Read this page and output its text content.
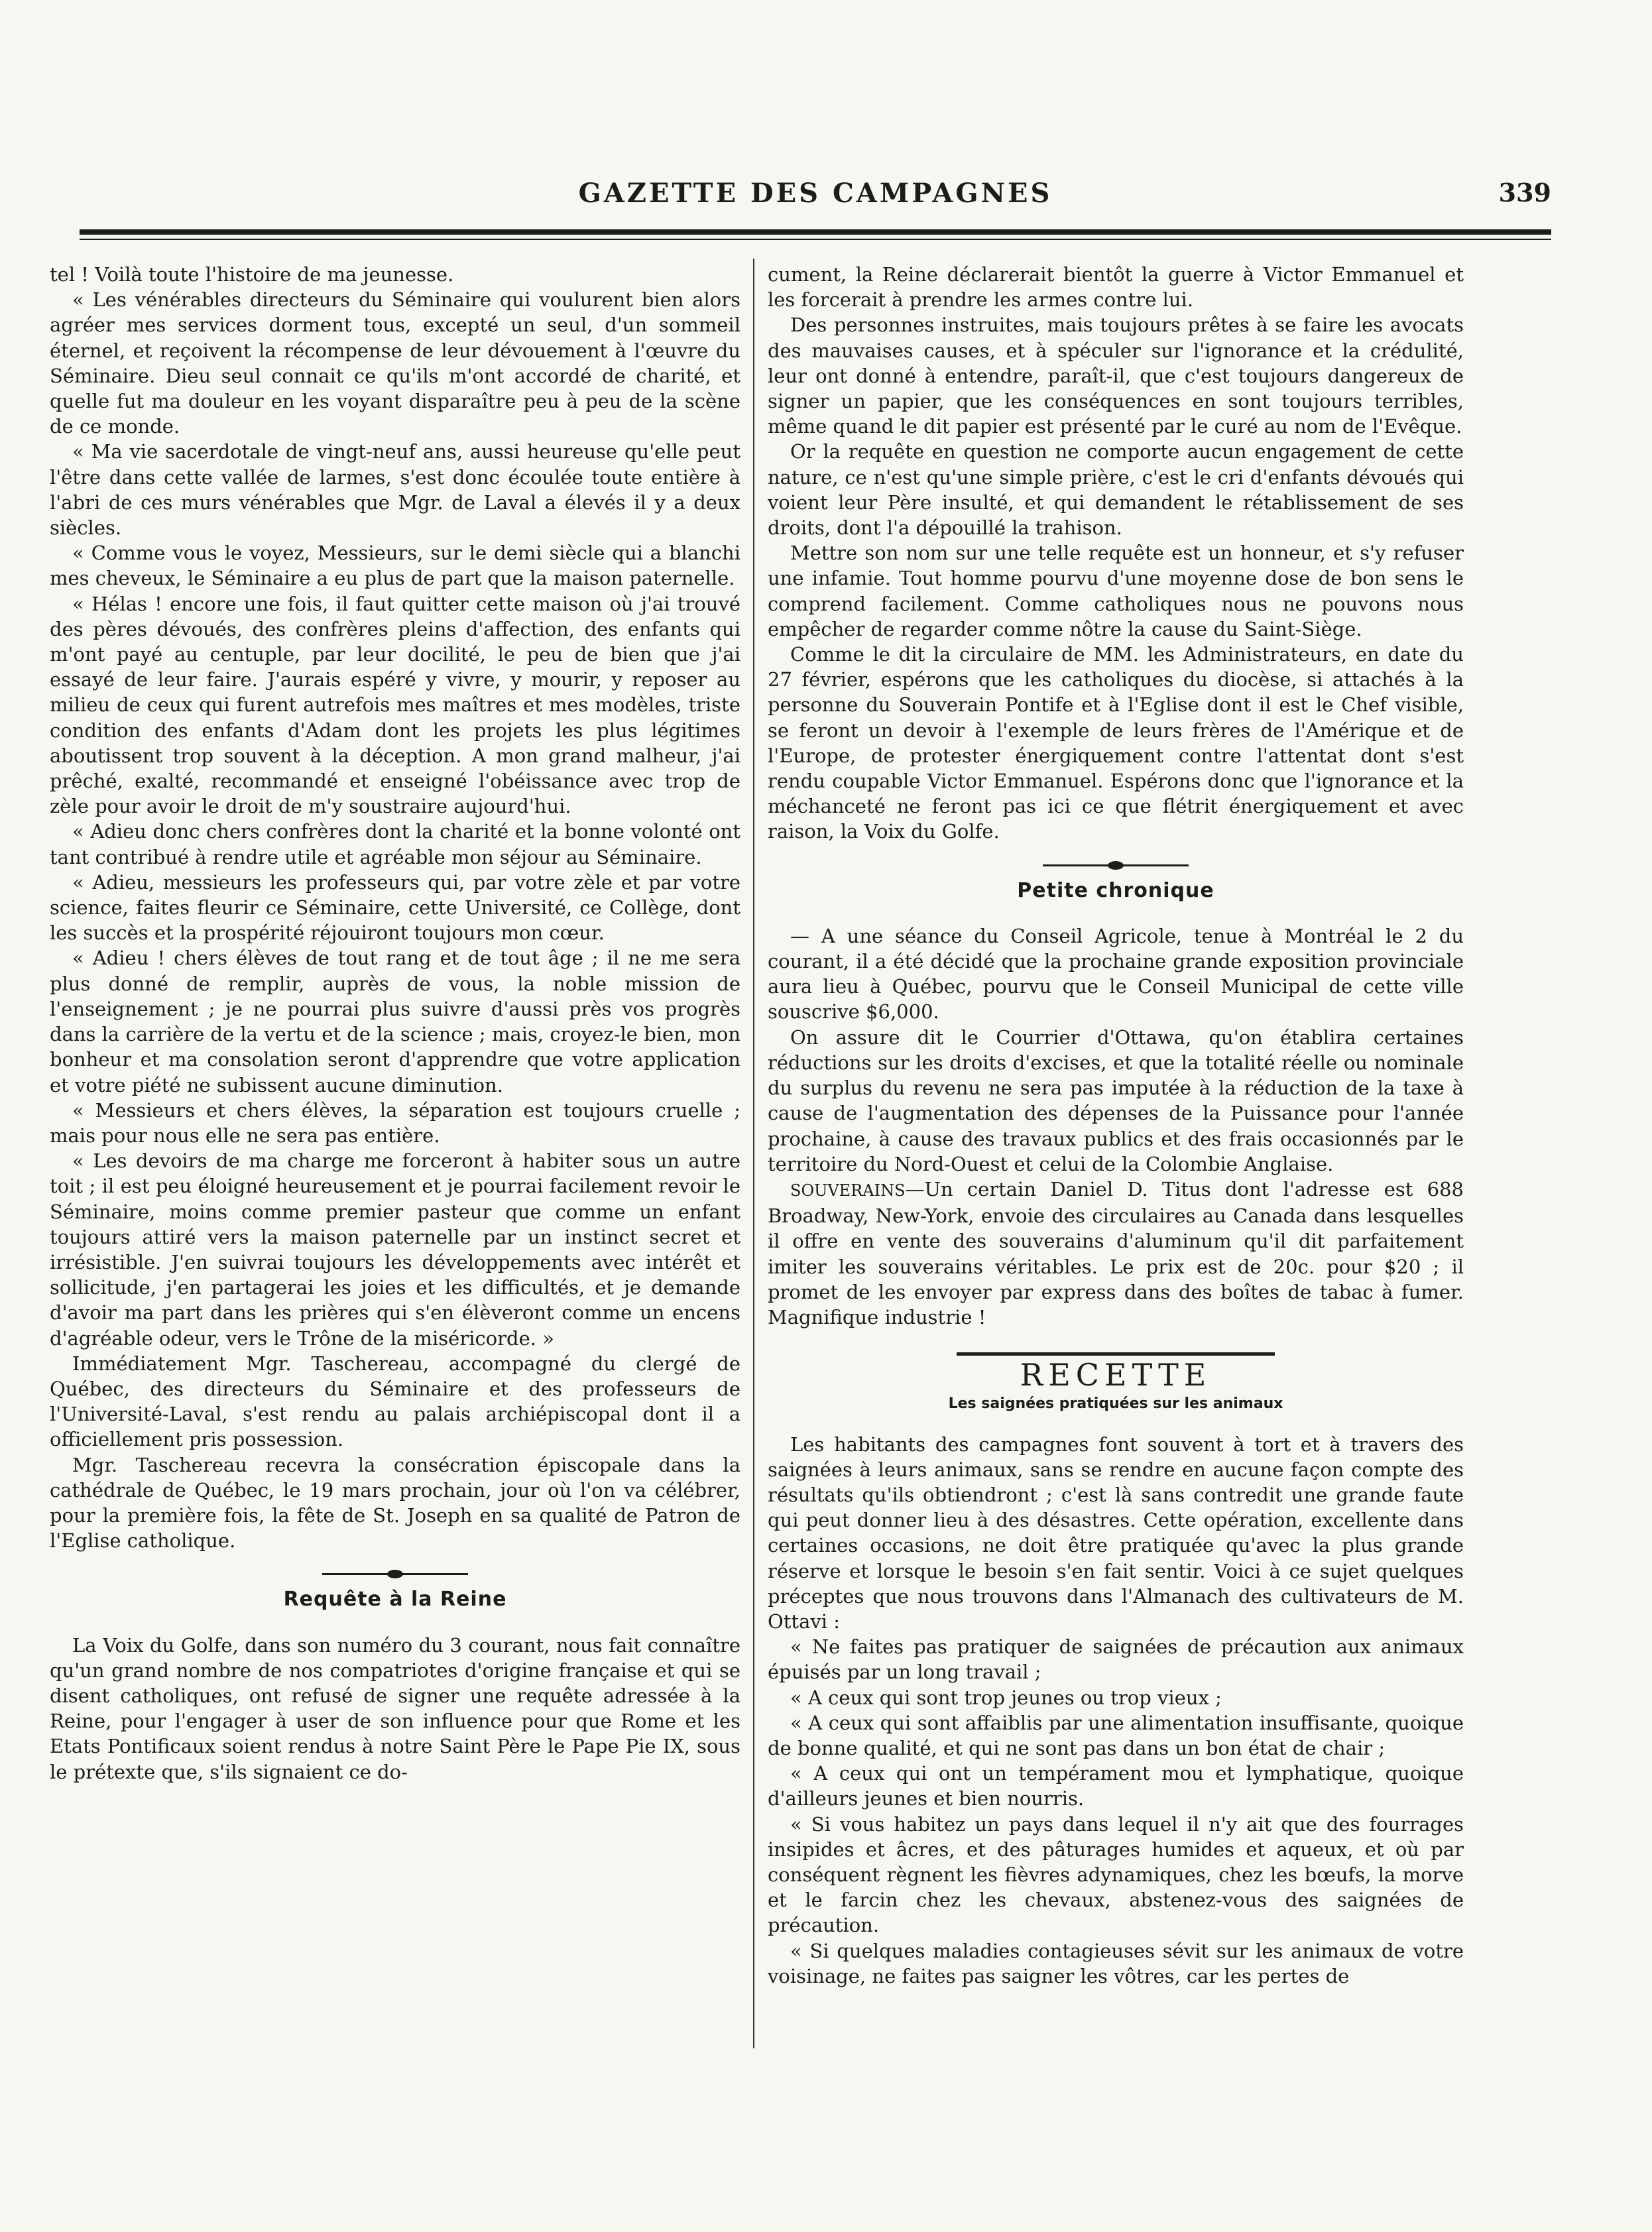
GAZETTE DES CAMPAGNES	339

tel ! Voilà toute l'histoire de ma jeunesse.

« Les vénérables directeurs du Séminaire qui voulurent bien alors agréer mes services dorment tous, excepté un seul, d'un sommeil éternel, et reçoivent la récompense de leur dévouement à l'œuvre du Séminaire. Dieu seul connait ce qu'ils m'ont accordé de charité, et quelle fut ma douleur en les voyant disparaître peu à peu de la scène de ce monde.

« Ma vie sacerdotale de vingt-neuf ans, aussi heureuse qu'elle peut l'être dans cette vallée de larmes, s'est donc écoulée toute entière à l'abri de ces murs vénérables que Mgr. de Laval a élevés il y a deux siècles.

« Comme vous le voyez, Messieurs, sur le demi siècle qui a blanchi mes cheveux, le Séminaire a eu plus de part que la maison paternelle.

« Hélas ! encore une fois, il faut quitter cette maison où j'ai trouvé des pères dévoués, des confrères pleins d'affection, des enfants qui m'ont payé au centuple, par leur docilité, le peu de bien que j'ai essayé de leur faire. J'aurais espéré y vivre, y mourir, y reposer au milieu de ceux qui furent autrefois mes maîtres et mes modèles, triste condition des enfants d'Adam dont les projets les plus légitimes aboutissent trop souvent à la déception. A mon grand malheur, j'ai prêché, exalté, recommandé et enseigné l'obéissance avec trop de zèle pour avoir le droit de m'y soustraire aujourd'hui.

« Adieu donc chers confrères dont la charité et la bonne volonté ont tant contribué à rendre utile et agréable mon séjour au Séminaire.

« Adieu, messieurs les professeurs qui, par votre zèle et par votre science, faites fleurir ce Séminaire, cette Université, ce Collège, dont les succès et la prospérité réjouiront toujours mon cœur.

« Adieu ! chers élèves de tout rang et de tout âge ; il ne me sera plus donné de remplir, auprès de vous, la noble mission de l'enseignement ; je ne pourrai plus suivre d'aussi près vos progrès dans la carrière de la vertu et de la science ; mais, croyez-le bien, mon bonheur et ma consolation seront d'apprendre que votre application et votre piété ne subissent aucune diminution.

« Messieurs et chers élèves, la séparation est toujours cruelle ; mais pour nous elle ne sera pas entière.

« Les devoirs de ma charge me forceront à habiter sous un autre toit ; il est peu éloigné heureusement et je pourrai facilement revoir le Séminaire, moins comme premier pasteur que comme un enfant toujours attiré vers la maison paternelle par un instinct secret et irrésistible. J'en suivrai toujours les développements avec intérêt et sollicitude, j'en partagerai les joies et les difficultés, et je demande d'avoir ma part dans les prières qui s'en élèveront comme un encens d'agréable odeur, vers le Trône de la miséricorde. »

Immédiatement Mgr. Taschereau, accompagné du clergé de Québec, des directeurs du Séminaire et des professeurs de l'Université-Laval, s'est rendu au palais archiépiscopal dont il a officiellement pris possession.

Mgr. Taschereau recevra la consécration épiscopale dans la cathédrale de Québec, le 19 mars prochain, jour où l'on va célébrer, pour la première fois, la fête de St. Joseph en sa qualité de Patron de l'Eglise catholique.

Requête à la Reine

La Voix du Golfe, dans son numéro du 3 courant, nous fait connaître qu'un grand nombre de nos compatriotes d'origine française et qui se disent catholiques, ont refusé de signer une requête adressée à la Reine, pour l'engager à user de son influence pour que Rome et les Etats Pontificaux soient rendus à notre Saint Père le Pape Pie IX, sous le prétexte que, s'ils signaient ce do-

cument, la Reine déclarerait bientôt la guerre à Victor Emmanuel et les forcerait à prendre les armes contre lui.

Des personnes instruites, mais toujours prêtes à se faire les avocats des mauvaises causes, et à spéculer sur l'ignorance et la crédulité, leur ont donné à entendre, paraît-il, que c'est toujours dangereux de signer un papier, que les conséquences en sont toujours terribles, même quand le dit papier est présenté par le curé au nom de l'Evêque.

Or la requête en question ne comporte aucun engagement de cette nature, ce n'est qu'une simple prière, c'est le cri d'enfants dévoués qui voient leur Père insulté, et qui demandent le rétablissement de ses droits, dont l'a dépouillé la trahison.

Mettre son nom sur une telle requête est un honneur, et s'y refuser une infamie. Tout homme pourvu d'une moyenne dose de bon sens le comprend facilement. Comme catholiques nous ne pouvons nous empêcher de regarder comme nôtre la cause du Saint-Siège.

Comme le dit la circulaire de MM. les Administrateurs, en date du 27 février, espérons que les catholiques du diocèse, si attachés à la personne du Souverain Pontife et à l'Eglise dont il est le Chef visible, se feront un devoir à l'exemple de leurs frères de l'Amérique et de l'Europe, de protester énergiquement contre l'attentat dont s'est rendu coupable Victor Emmanuel. Espérons donc que l'ignorance et la méchanceté ne feront pas ici ce que flétrit énergiquement et avec raison, la Voix du Golfe.

Petite chronique

— A une séance du Conseil Agricole, tenue à Montréal le 2 du courant, il a été décidé que la prochaine grande exposition provinciale aura lieu à Québec, pourvu que le Conseil Municipal de cette ville souscrive $6,000.

On assure dit le Courrier d'Ottawa, qu'on établira certaines réductions sur les droits d'excises, et que la totalité réelle ou nominale du surplus du revenu ne sera pas imputée à la réduction de la taxe à cause de l'augmentation des dépenses de la Puissance pour l'année prochaine, à cause des travaux publics et des frais occasionnés par le territoire du Nord-Ouest et celui de la Colombie Anglaise.

SOUVERAINS—Un certain Daniel D. Titus dont l'adresse est 688 Broadway, New-York, envoie des circulaires au Canada dans lesquelles il offre en vente des souverains d'aluminum qu'il dit parfaitement imiter les souverains véritables. Le prix est de 20c. pour $20 ; il promet de les envoyer par express dans des boîtes de tabac à fumer. Magnifique industrie !

RECETTE
Les saignées pratiquées sur les animaux

Les habitants des campagnes font souvent à tort et à travers des saignées à leurs animaux, sans se rendre en aucune façon compte des résultats qu'ils obtiendront ; c'est là sans contredit une grande faute qui peut donner lieu à des désastres. Cette opération, excellente dans certaines occasions, ne doit être pratiquée qu'avec la plus grande réserve et lorsque le besoin s'en fait sentir. Voici à ce sujet quelques préceptes que nous trouvons dans l'Almanach des cultivateurs de M. Ottavi :

« Ne faites pas pratiquer de saignées de précaution aux animaux épuisés par un long travail ;

« A ceux qui sont trop jeunes ou trop vieux ;

« A ceux qui sont affaiblis par une alimentation insuffisante, quoique de bonne qualité, et qui ne sont pas dans un bon état de chair ;

« A ceux qui ont un tempérament mou et lymphatique, quoique d'ailleurs jeunes et bien nourris.

« Si vous habitez un pays dans lequel il n'y ait que des fourrages insipides et âcres, et des pâturages humides et aqueux, et où par conséquent règnent les fièvres adynamiques, chez les bœufs, la morve et le farcin chez les chevaux, abstenez-vous des saignées de précaution.

« Si quelques maladies contagieuses sévit sur les animaux de votre voisinage, ne faites pas saigner les vôtres, car les pertes de
